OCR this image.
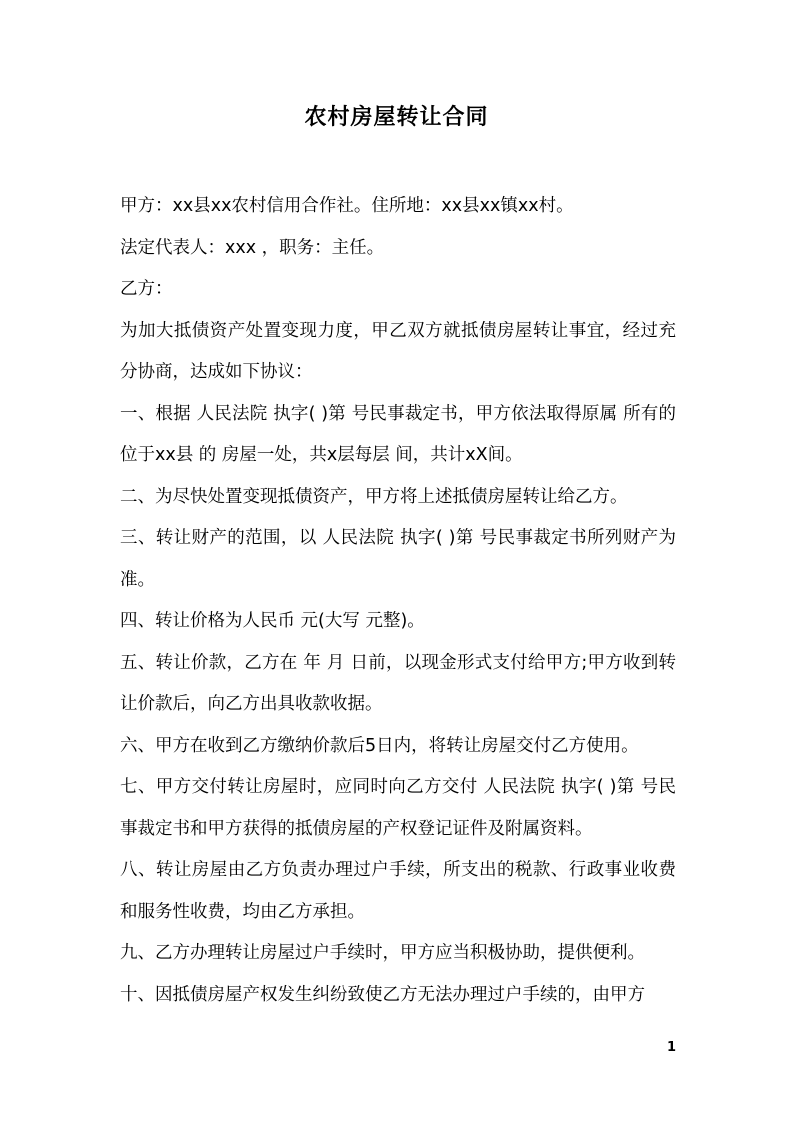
农村房屋转让合同

甲方：xx县xx农村信用合作社。住所地：xx县xx镇xx村。

法定代表人：xxx ，职务：主任。

乙方：

为加大抵债资产处置变现力度，甲乙双方就抵债房屋转让事宜，经过充分协商，达成如下协议：

一、根据 人民法院 执字( )第 号民事裁定书，甲方依法取得原属 所有的位于xx县 的 房屋一处，共x层每层 间，共计xX间。

二、为尽快处置变现抵债资产，甲方将上述抵债房屋转让给乙方。

三、转让财产的范围，以 人民法院 执字( )第 号民事裁定书所列财产为准。

四、转让价格为人民币 元(大写 元整)。

五、转让价款，乙方在 年 月 日前，以现金形式支付给甲方;甲方收到转让价款后，向乙方出具收款收据。

六、甲方在收到乙方缴纳价款后5日内，将转让房屋交付乙方使用。

七、甲方交付转让房屋时，应同时向乙方交付 人民法院 执字( )第 号民事裁定书和甲方获得的抵债房屋的产权登记证件及附属资料。

八、转让房屋由乙方负责办理过户手续，所支出的税款、行政事业收费和服务性收费，均由乙方承担。

九、乙方办理转让房屋过户手续时，甲方应当积极协助，提供便利。

十、因抵债房屋产权发生纠纷致使乙方无法办理过户手续的，由甲方

1
